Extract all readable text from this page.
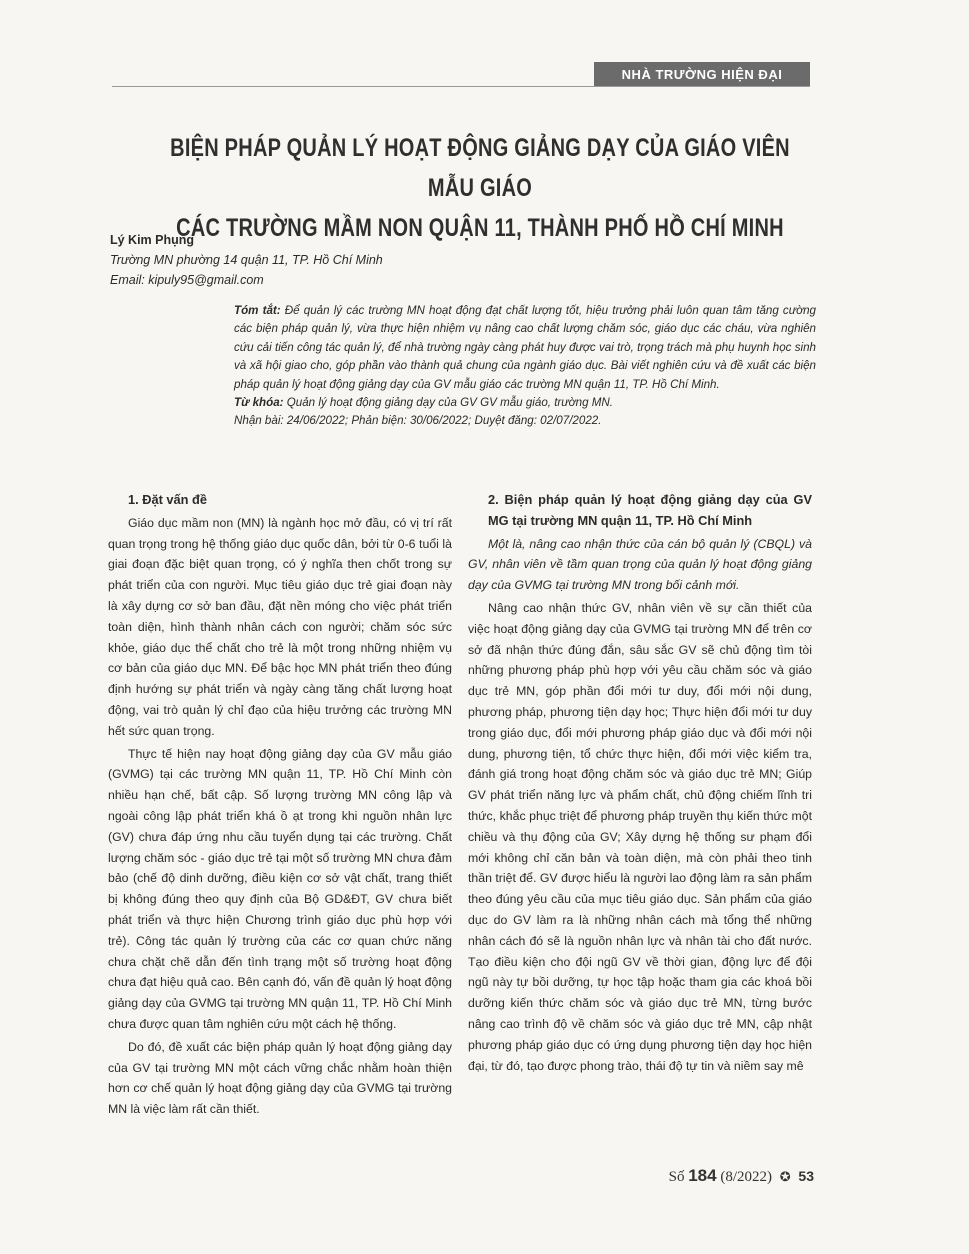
NHÀ TRƯỜNG HIỆN ĐẠI
BIỆN PHÁP QUẢN LÝ HOẠT ĐỘNG GIẢNG DẠY CỦA GIÁO VIÊN MẪU GIÁO
CÁC TRƯỜNG MẦM NON QUẬN 11, THÀNH PHỐ HỒ CHÍ MINH
Lý Kim Phụng
Trường MN phường 14 quận 11, TP. Hồ Chí Minh
Email: kipuly95@gmail.com

Tóm tắt: Để quản lý các trường MN hoạt động đạt chất lượng tốt, hiệu trưởng phải luôn quan tâm tăng cường các biện pháp quản lý, vừa thực hiện nhiệm vụ nâng cao chất lượng chăm sóc, giáo dục các cháu, vừa nghiên cứu cải tiến công tác quản lý, để nhà trường ngày càng phát huy được vai trò, trọng trách mà phụ huynh học sinh và xã hội giao cho, góp phần vào thành quả chung của ngành giáo dục. Bài viết nghiên cứu và đề xuất các biện pháp quản lý hoạt động giảng dạy của GV mẫu giáo các trường MN quận 11, TP. Hồ Chí Minh.

Từ khóa: Quản lý hoạt động giảng dạy của GV GV mẫu giáo, trường MN.

Nhận bài: 24/06/2022; Phản biện: 30/06/2022; Duyệt đăng: 02/07/2022.

1. Đặt vấn đề

Giáo dục mầm non (MN) là ngành học mở đầu, có vị trí rất quan trọng trong hệ thống giáo dục quốc dân, bởi từ 0-6 tuổi là giai đoạn đặc biệt quan trọng, có ý nghĩa then chốt trong sự phát triển của con người. Mục tiêu giáo dục trẻ giai đoạn này là xây dựng cơ sở ban đầu, đặt nền móng cho việc phát triển toàn diện, hình thành nhân cách con người; chăm sóc sức khỏe, giáo dục thể chất cho trẻ là một trong những nhiệm vụ cơ bản của giáo dục MN. Để bậc học MN phát triển theo đúng định hướng sự phát triển và ngày càng tăng chất lượng hoạt động, vai trò quản lý chỉ đạo của hiệu trưởng các trường MN hết sức quan trọng.

Thực tế hiện nay hoạt động giảng dạy của GV mẫu giáo (GVMG) tại các trường MN quận 11, TP. Hồ Chí Minh còn nhiều hạn chế, bất cập. Số lượng trường MN công lập và ngoài công lập phát triển khá ồ ạt trong khi nguồn nhân lực (GV) chưa đáp ứng nhu cầu tuyển dụng tại các trường. Chất lượng chăm sóc - giáo dục trẻ tại một số trường MN chưa đảm bảo (chế độ dinh dưỡng, điều kiện cơ sở vật chất, trang thiết bị không đúng theo quy định của Bộ GD&ĐT, GV chưa biết phát triển và thực hiện Chương trình giáo dục phù hợp với trẻ). Công tác quản lý trường của các cơ quan chức năng chưa chặt chẽ dẫn đến tình trạng một số trường hoạt động chưa đạt hiệu quả cao. Bên cạnh đó, vấn đề quản lý hoạt động giảng dạy của GVMG tại trường MN quận 11, TP. Hồ Chí Minh chưa được quan tâm nghiên cứu một cách hệ thống.

Do đó, đề xuất các biện pháp quản lý hoạt động giảng dạy của GV tại trường MN một cách vững chắc nhằm hoàn thiện hơn cơ chế quản lý hoạt động giảng dạy của GVMG tại trường MN là việc làm rất cần thiết.

2. Biện pháp quản lý hoạt động giảng dạy của GV MG tại trường MN quận 11, TP. Hồ Chí Minh

Một là, nâng cao nhận thức của cán bộ quản lý (CBQL) và GV, nhân viên về tầm quan trọng của quản lý hoạt động giảng dạy của GVMG tại trường MN trong bối cảnh mới.

Nâng cao nhận thức GV, nhân viên về sự cần thiết của việc hoạt động giảng dạy của GVMG tại trường MN để trên cơ sở đã nhận thức đúng đắn, sâu sắc GV sẽ chủ động tìm tòi những phương pháp phù hợp với yêu cầu chăm sóc và giáo dục trẻ MN, góp phần đổi mới tư duy, đổi mới nội dung, phương pháp, phương tiện dạy học; Thực hiện đổi mới tư duy trong giáo dục, đổi mới phương pháp giáo dục và đổi mới nội dung, phương tiện, tổ chức thực hiện, đổi mới việc kiểm tra, đánh giá trong hoạt động chăm sóc và giáo dục trẻ MN; Giúp GV phát triển năng lực và phẩm chất, chủ động chiếm lĩnh tri thức, khắc phục triệt để phương pháp truyền thụ kiến thức một chiều và thụ động của GV; Xây dựng hệ thống sư phạm đổi mới không chỉ căn bản và toàn diện, mà còn phải theo tinh thần triệt để. GV được hiểu là người lao động làm ra sản phẩm theo đúng yêu cầu của mục tiêu giáo dục. Sản phẩm của giáo dục do GV làm ra là những nhân cách mà tổng thể những nhân cách đó sẽ là nguồn nhân lực và nhân tài cho đất nước. Tạo điều kiện cho đội ngũ GV về thời gian, động lực để đội ngũ này tự bồi dưỡng, tự học tập hoặc tham gia các khoá bồi dưỡng kiến thức chăm sóc và giáo dục trẻ MN, từng bước nâng cao trình độ về chăm sóc và giáo dục trẻ MN, cập nhật phương pháp giáo dục có ứng dụng phương tiện dạy học hiện đại, từ đó, tạo được phong trào, thái độ tự tin và niềm say mê

Số 184 (8/2022) ✪ 53
